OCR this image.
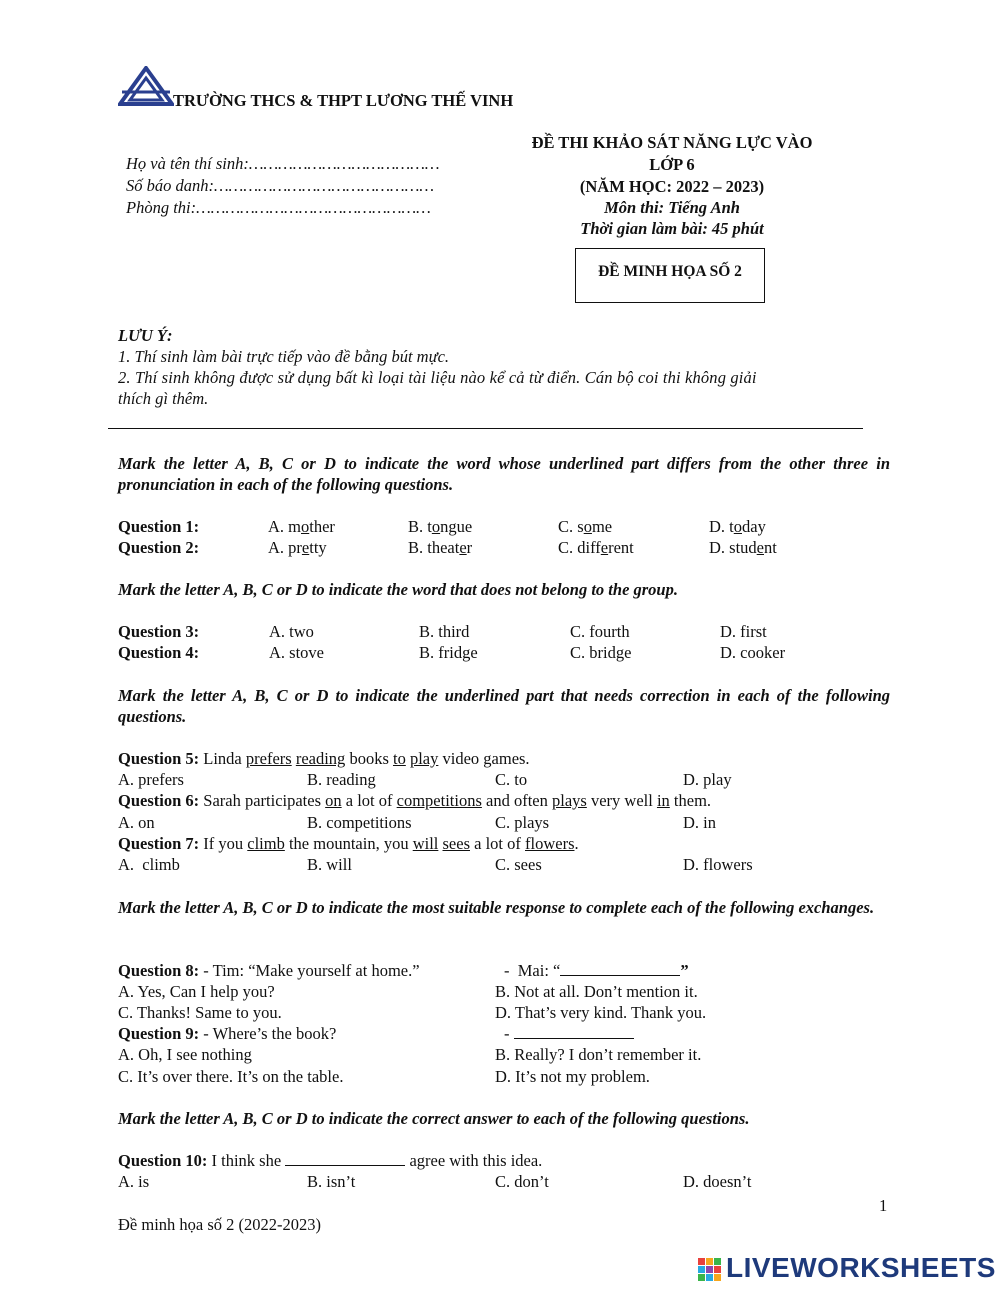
TRƯỜNG THCS & THPT LƯƠNG THẾ VINH
Họ và tên thí sinh:…………………………………
Số báo danh:………………………………………
Phòng thi:…………………………………………
ĐỀ THI KHẢO SÁT NĂNG LỰC VÀO
LỚP 6
(NĂM HỌC: 2022 – 2023)
Môn thi: Tiếng Anh
Thời gian làm bài: 45 phút
ĐỀ MINH HỌA SỐ 2
LƯU Ý:
1. Thí sinh làm bài trực tiếp vào đề bằng bút mực.
2. Thí sinh không được sử dụng bất kì loại tài liệu nào kể cả từ điển. Cán bộ coi thi không giải
thích gì thêm.
Mark the letter A, B, C or D to indicate the word whose underlined part differs from the other three in pronunciation in each of the following questions.
Question 1:	A. mother	B. tongue	C. some	D. today
Question 2:	A. pretty	B. theater	C. different	D. student
Mark the letter A, B, C or D to indicate the word that does not belong to the group.
Question 3:	A. two	B. third	C. fourth	D. first
Question 4:	A. stove	B. fridge	C. bridge	D. cooker
Mark the letter A, B, C or D to indicate the underlined part that needs correction in each of the following questions.
Question 5: Linda prefers reading books to play video games.
A. prefers	B. reading	C. to	D. play
Question 6: Sarah participates on a lot of competitions and often plays very well in them.
A. on	B. competitions	C. plays	D. in
Question 7: If you climb the mountain, you will sees a lot of flowers.
A.  climb	B. will	C. sees	D. flowers
Mark the letter A, B, C or D to indicate the most suitable response to complete each of the following exchanges.
Question 8: - Tim: “Make yourself at home.”	-  Mai: “	”
A. Yes, Can I help you?	B. Not at all. Don’t mention it.
C. Thanks! Same to you.	D. That’s very kind. Thank you.
Question 9: - Where’s the book?	-
A. Oh, I see nothing	B. Really? I don’t remember it.
C. It’s over there. It’s on the table.	D. It’s not my problem.
Mark the letter A, B, C or D to indicate the correct answer to each of the following questions.
Question 10: I think she	agree with this idea.
A. is	B. isn’t	C. don’t	D. doesn’t
1
Đề minh họa số 2 (2022-2023)
LIVEWORKSHEETS
